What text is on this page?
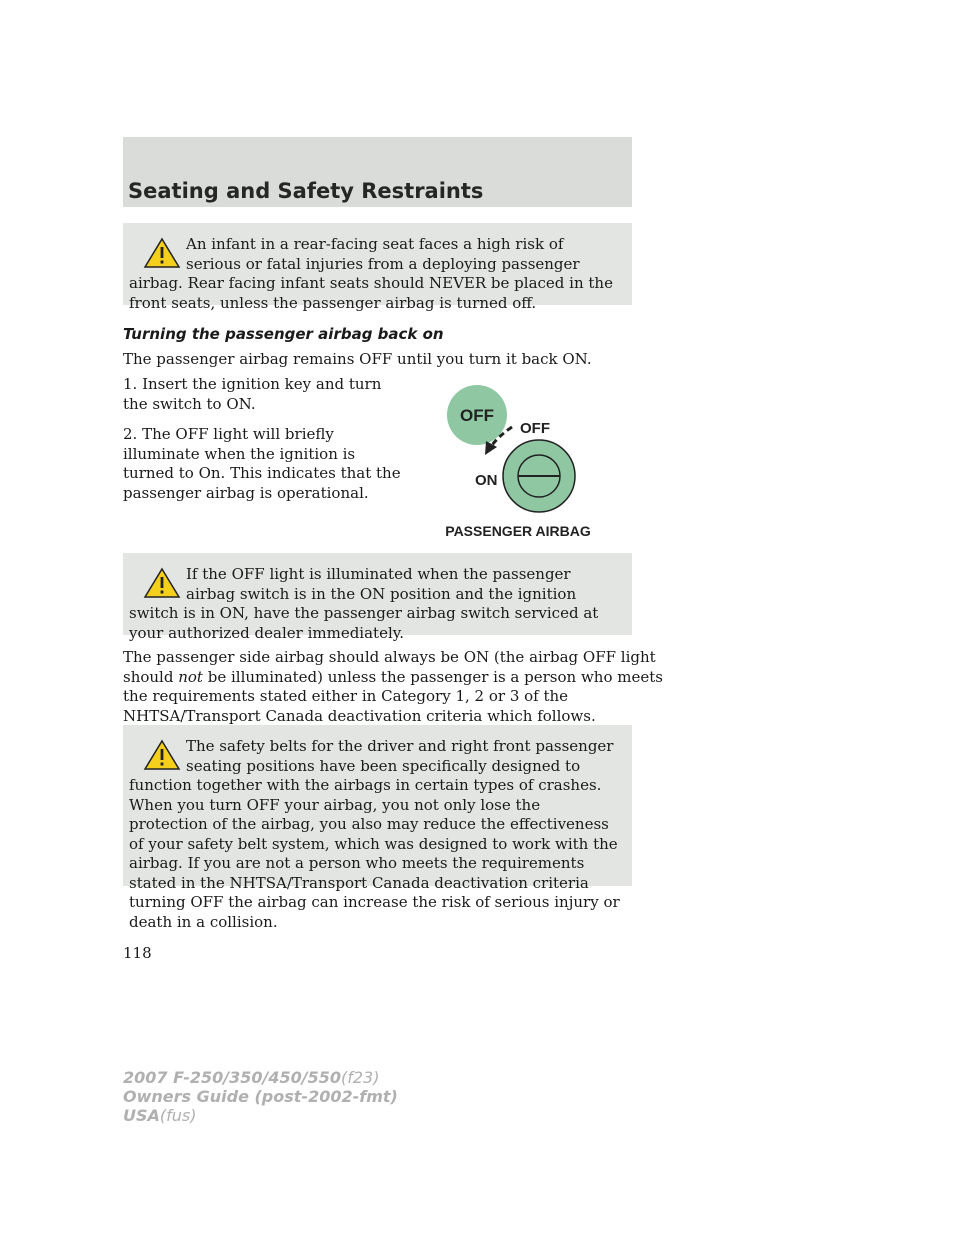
Seating and Safety Restraints

An infant in a rear-facing seat faces a high risk of serious or fatal injuries from a deploying passenger airbag. Rear facing infant seats should NEVER be placed in the front seats, unless the passenger airbag is turned off.

Turning the passenger airbag back on

The passenger airbag remains OFF until you turn it back ON.

1. Insert the ignition key and turn
the switch to ON.

2. The OFF light will briefly
illuminate when the ignition is
turned to On. This indicates that the
passenger airbag is operational.

OFF
OFF
ON
PASSENGER AIRBAG

If the OFF light is illuminated when the passenger airbag switch is in the ON position and the ignition switch is in ON, have the passenger airbag switch serviced at your authorized dealer immediately.

The passenger side airbag should always be ON (the airbag OFF light
should not be illuminated) unless the passenger is a person who meets
the requirements stated either in Category 1, 2 or 3 of the
NHTSA/Transport Canada deactivation criteria which follows.

The safety belts for the driver and right front passenger seating positions have been specifically designed to function together with the airbags in certain types of crashes. When you turn OFF your airbag, you not only lose the protection of the airbag, you also may reduce the effectiveness of your safety belt system, which was designed to work with the airbag. If you are not a person who meets the requirements stated in the NHTSA/Transport Canada deactivation criteria turning OFF the airbag can increase the risk of serious injury or death in a collision.

118
2007 F-250/350/450/550(f23)
Owners Guide (post-2002-fmt)
USA(fus)
